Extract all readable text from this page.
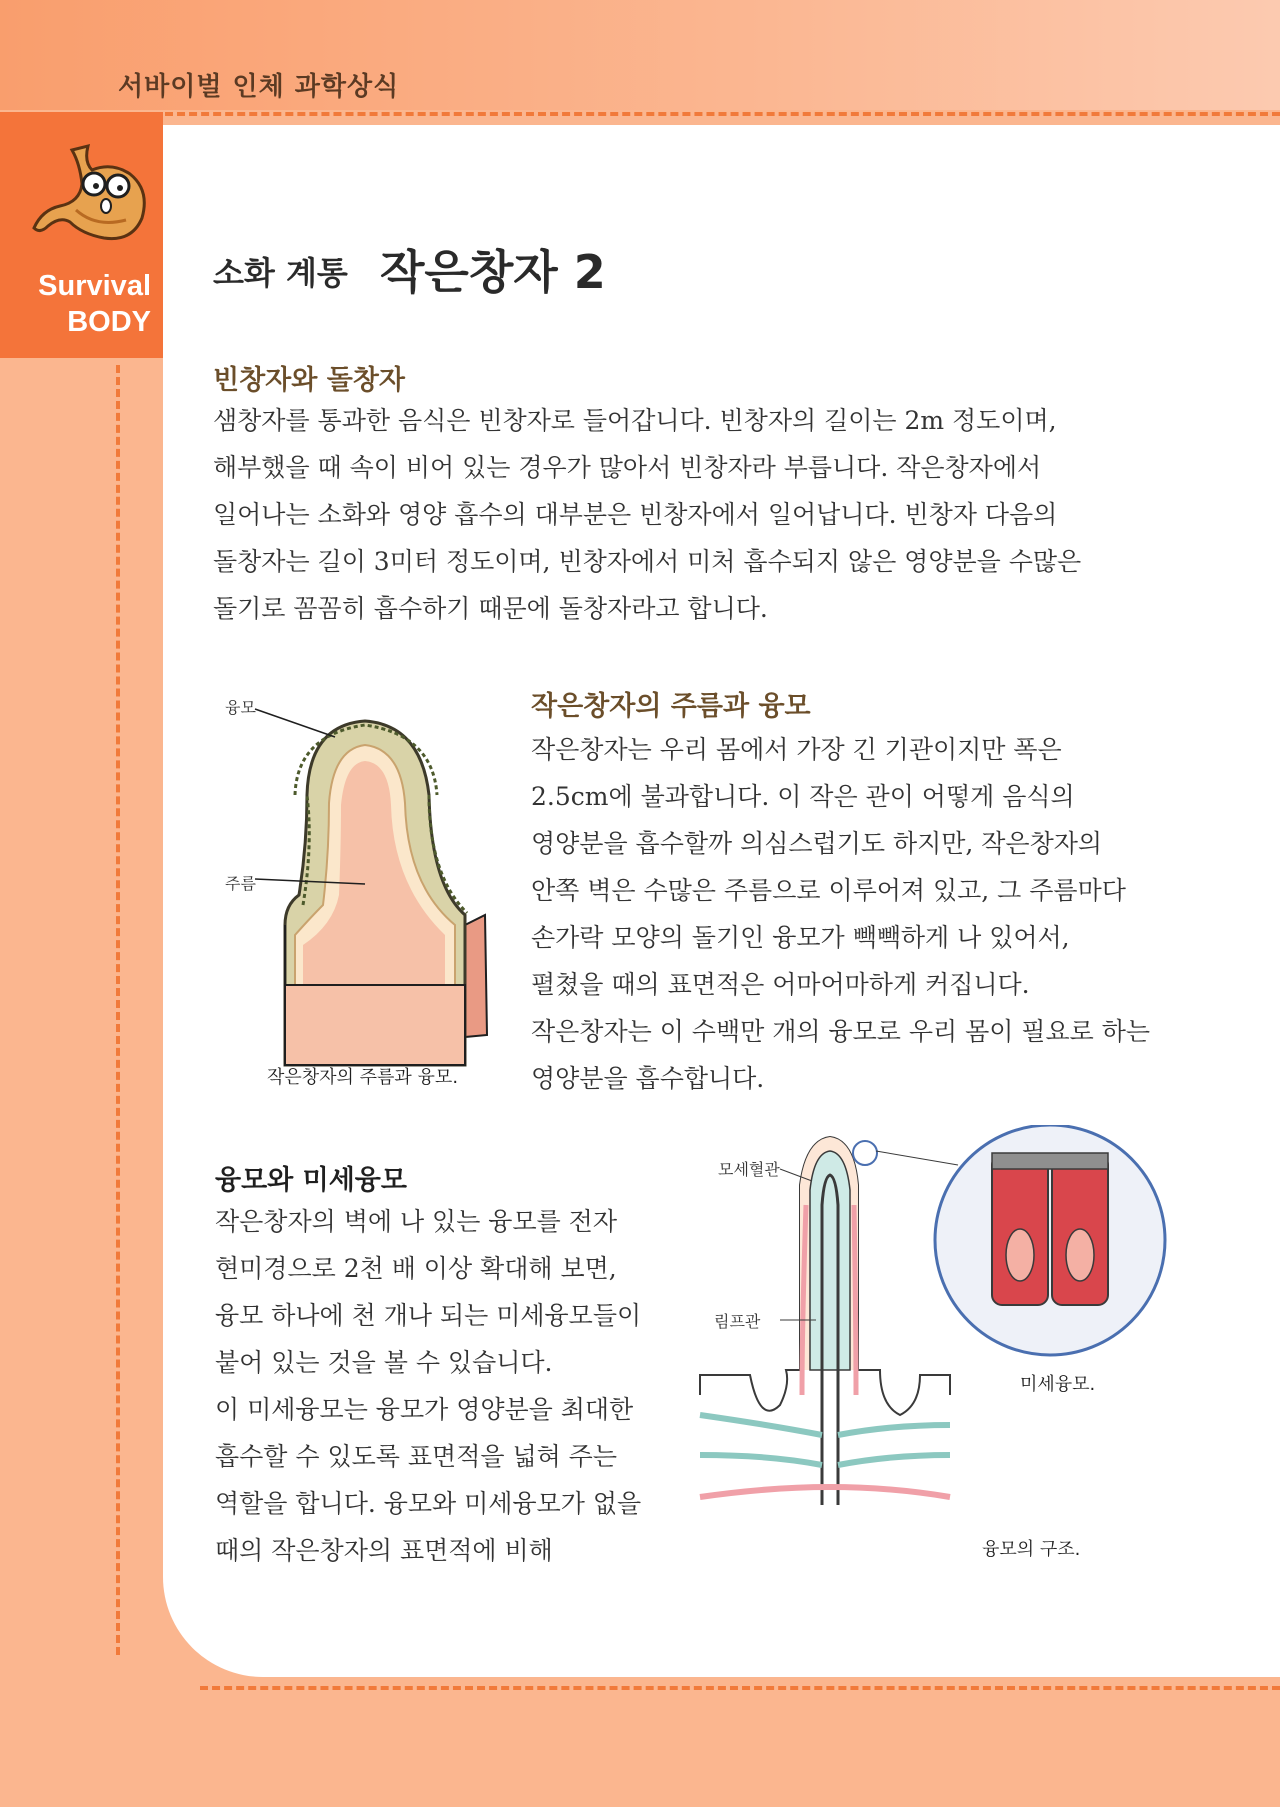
서바이벌 인체 과학상식
Survival
BODY
소화 계통 작은창자 2
빈창자와 돌창자
샘창자를 통과한 음식은 빈창자로 들어갑니다. 빈창자의 길이는 2m 정도이며,
해부했을 때 속이 비어 있는 경우가 많아서 빈창자라 부릅니다. 작은창자에서
일어나는 소화와 영양 흡수의 대부분은 빈창자에서 일어납니다. 빈창자 다음의
돌창자는 길이 3미터 정도이며, 빈창자에서 미처 흡수되지 않은 영양분을 수많은
돌기로 꼼꼼히 흡수하기 때문에 돌창자라고 합니다.
융모
주름
작은창자의 주름과 융모.
작은창자의 주름과 융모
작은창자는 우리 몸에서 가장 긴 기관이지만 폭은
2.5cm에 불과합니다. 이 작은 관이 어떻게 음식의
영양분을 흡수할까 의심스럽기도 하지만, 작은창자의
안쪽 벽은 수많은 주름으로 이루어져 있고, 그 주름마다
손가락 모양의 돌기인 융모가 빽빽하게 나 있어서,
펼쳤을 때의 표면적은 어마어마하게 커집니다.
작은창자는 이 수백만 개의 융모로 우리 몸이 필요로 하는
영양분을 흡수합니다.
융모와 미세융모
작은창자의 벽에 나 있는 융모를 전자
현미경으로 2천 배 이상 확대해 보면,
융모 하나에 천 개나 되는 미세융모들이
붙어 있는 것을 볼 수 있습니다.
이 미세융모는 융모가 영양분을 최대한
흡수할 수 있도록 표면적을 넓혀 주는
역할을 합니다. 융모와 미세융모가 없을
때의 작은창자의 표면적에 비해
모세혈관
림프관
미세융모.
융모의 구조.
